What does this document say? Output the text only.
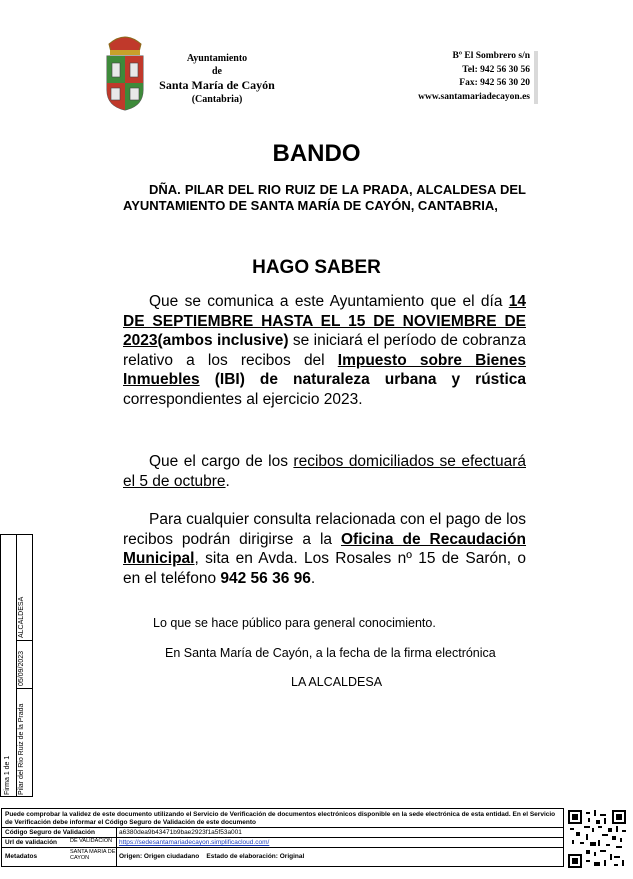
Ayuntamiento
de
Santa María de Cayón
(Cantabria)
Bº El Sombrero s/n
Tel: 942 56 30 56
Fax: 942 56 30 20
www.santamariadecayon.es
BANDO
DÑA. PILAR DEL RIO RUIZ DE LA PRADA, ALCALDESA DEL AYUNTAMIENTO DE SANTA MARÍA DE CAYÓN, CANTABRIA,
HAGO SABER
Que se comunica a este Ayuntamiento que el día 14 DE SEPTIEMBRE HASTA EL 15 DE NOVIEMBRE DE 2023(ambos inclusive) se iniciará el período de cobranza relativo a los recibos del Impuesto sobre Bienes Inmuebles (IBI) de naturaleza urbana y rústica correspondientes al ejercicio 2023.
Que el cargo de los recibos domiciliados se efectuará el 5 de octubre.
Para cualquier consulta relacionada con el pago de los recibos podrán dirigirse a la Oficina de Recaudación Municipal, sita en Avda. Los Rosales nº 15 de Sarón, o en el teléfono 942 56 36 96.
Lo que se hace público para general conocimiento.
En Santa María de Cayón, a la fecha de la firma electrónica
LA ALCALDESA
Firma 1 de 1 Pilar del Rio Ruiz de la Prada
05/09/2023
ALCALDESA
Puede comprobar la validez de este documento utilizando el Servicio de Verificación de documentos electrónicos disponible en la sede electrónica de esta entidad. En el Servicio de Verificación debe informar el Código Seguro de Validación de este documento
Código Seguro de Validación	a6380dea9b43471b9bae2923f1a5f53a001
Url de validación DE VALIDACION https://sedesantamariadecayon.simplificacloud.com/
Metadatos
SANTA MARIA DE CAYON	Origen: Origen ciudadano Estado de elaboración: Original
